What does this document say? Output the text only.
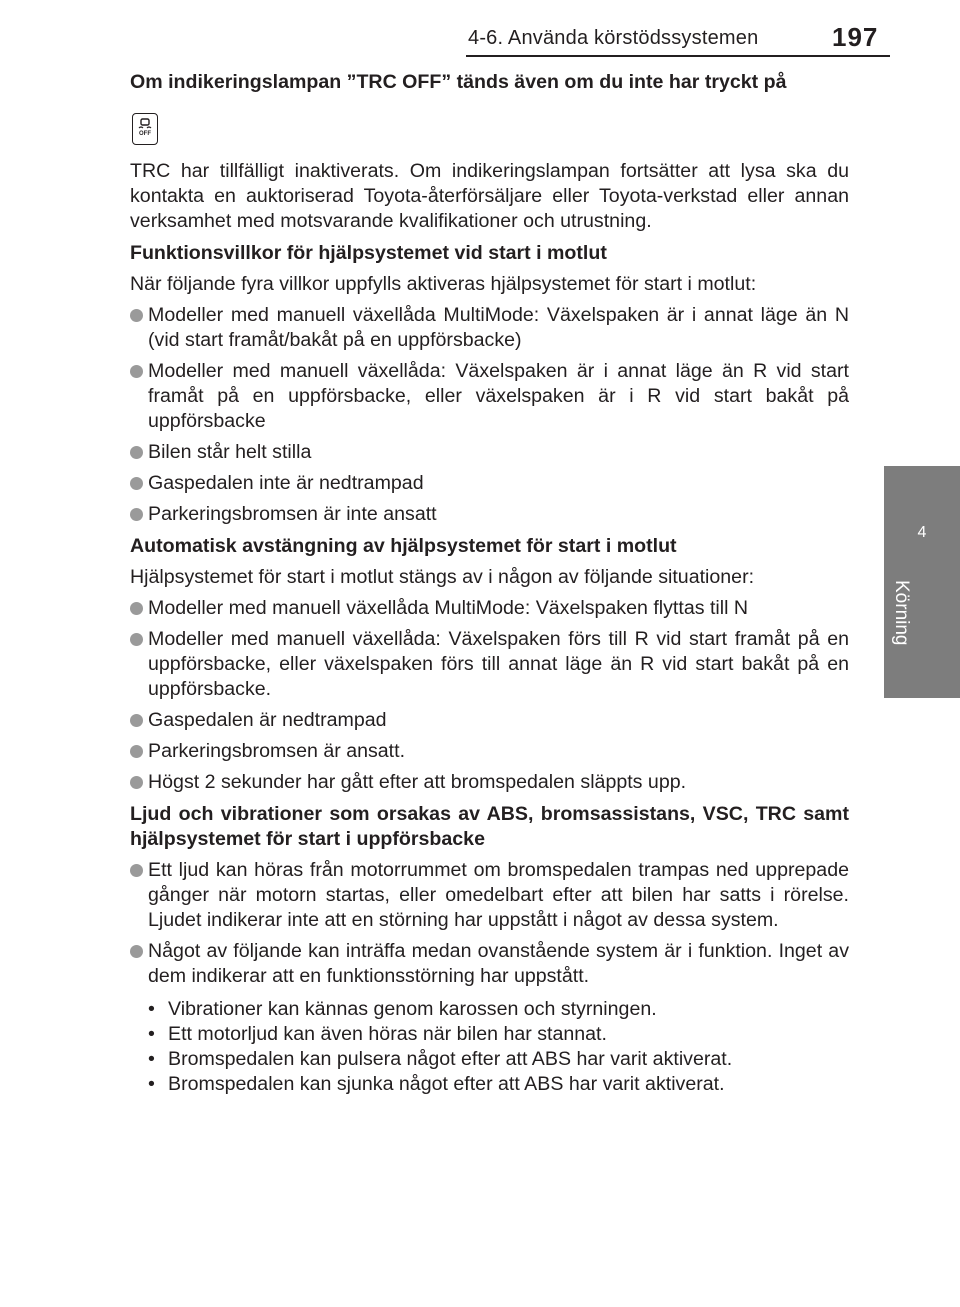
197
4-6. Använda körstödssystemen
4
Körning
Om indikeringslampan ”TRC OFF” tänds även om du inte har tryckt på
OFF
TRC har tillfälligt inaktiverats. Om indikeringslampan fortsätter att lysa ska du kontakta en auktoriserad Toyota-återförsäljare eller Toyota-verkstad eller annan verksamhet med motsvarande kvalifikationer och utrustning.
Funktionsvillkor för hjälpsystemet vid start i motlut
När följande fyra villkor uppfylls aktiveras hjälpsystemet för start i motlut:
Modeller med manuell växellåda MultiMode: Växelspaken är i annat läge än N (vid start framåt/bakåt på en uppförsbacke)
Modeller med manuell växellåda: Växelspaken är i annat läge än R vid start framåt på en uppförsbacke, eller växelspaken är i R vid start bakåt på uppförsbacke
Bilen står helt stilla
Gaspedalen inte är nedtrampad
Parkeringsbromsen är inte ansatt
Automatisk avstängning av hjälpsystemet för start i motlut
Hjälpsystemet för start i motlut stängs av i någon av följande situationer:
Modeller med manuell växellåda MultiMode: Växelspaken flyttas till N
Modeller med manuell växellåda: Växelspaken förs till R vid start framåt på en uppförsbacke, eller växelspaken förs till annat läge än R vid start bakåt på en uppförsbacke.
Gaspedalen är nedtrampad
Parkeringsbromsen är ansatt.
Högst 2 sekunder har gått efter att bromspedalen släppts upp.
Ljud och vibrationer som orsakas av ABS, bromsassistans, VSC, TRC samt hjälpsystemet för start i uppförsbacke
Ett ljud kan höras från motorrummet om bromspedalen trampas ned upprepade gånger när motorn startas, eller omedelbart efter att bilen har satts i rörelse. Ljudet indikerar inte att en störning har uppstått i något av dessa system.
Något av följande kan inträffa medan ovanstående system är i funktion. Inget av dem indikerar att en funktionsstörning har uppstått.
• Vibrationer kan kännas genom karossen och styrningen.
• Ett motorljud kan även höras när bilen har stannat.
• Bromspedalen kan pulsera något efter att ABS har varit aktiverat.
• Bromspedalen kan sjunka något efter att ABS har varit aktiverat.
